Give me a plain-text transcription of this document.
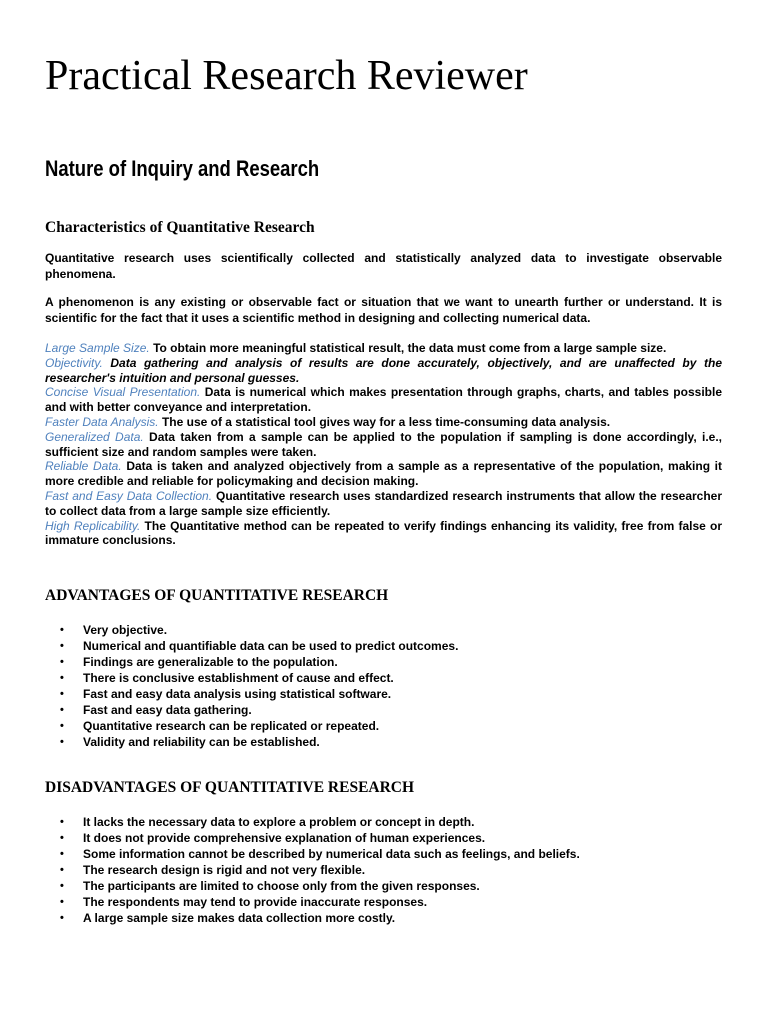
Practical Research Reviewer
Nature of Inquiry and Research
Characteristics of Quantitative Research

Quantitative research uses scientifically collected and statistically analyzed data to investigate observable phenomena.

A phenomenon is any existing or observable fact or situation that we want to unearth further or understand. It is scientific for the fact that it uses a scientific method in designing and collecting numerical data.

Large Sample Size. To obtain more meaningful statistical result, the data must come from a large sample size.

Objectivity. Data gathering and analysis of results are done accurately, objectively, and are unaffected by the researcher's intuition and personal guesses.

Concise Visual Presentation. Data is numerical which makes presentation through graphs, charts, and tables possible and with better conveyance and interpretation.

Faster Data Analysis. The use of a statistical tool gives way for a less time-consuming data analysis.

Generalized Data. Data taken from a sample can be applied to the population if sampling is done accordingly, i.e., sufficient size and random samples were taken.

Reliable Data. Data is taken and analyzed objectively from a sample as a representative of the population, making it more credible and reliable for policymaking and decision making.

Fast and Easy Data Collection. Quantitative research uses standardized research instruments that allow the researcher to collect data from a large sample size efficiently.

High Replicability. The Quantitative method can be repeated to verify findings enhancing its validity, free from false or immature conclusions.

ADVANTAGES OF QUANTITATIVE RESEARCH
• Very objective.
• Numerical and quantifiable data can be used to predict outcomes.
• Findings are generalizable to the population.
• There is conclusive establishment of cause and effect.
• Fast and easy data analysis using statistical software.
• Fast and easy data gathering.
• Quantitative research can be replicated or repeated.
• Validity and reliability can be established.
DISADVANTAGES OF QUANTITATIVE RESEARCH
• It lacks the necessary data to explore a problem or concept in depth.
• It does not provide comprehensive explanation of human experiences.
• Some information cannot be described by numerical data such as feelings, and beliefs.
• The research design is rigid and not very flexible.
• The participants are limited to choose only from the given responses.
• The respondents may tend to provide inaccurate responses.
• A large sample size makes data collection more costly.
